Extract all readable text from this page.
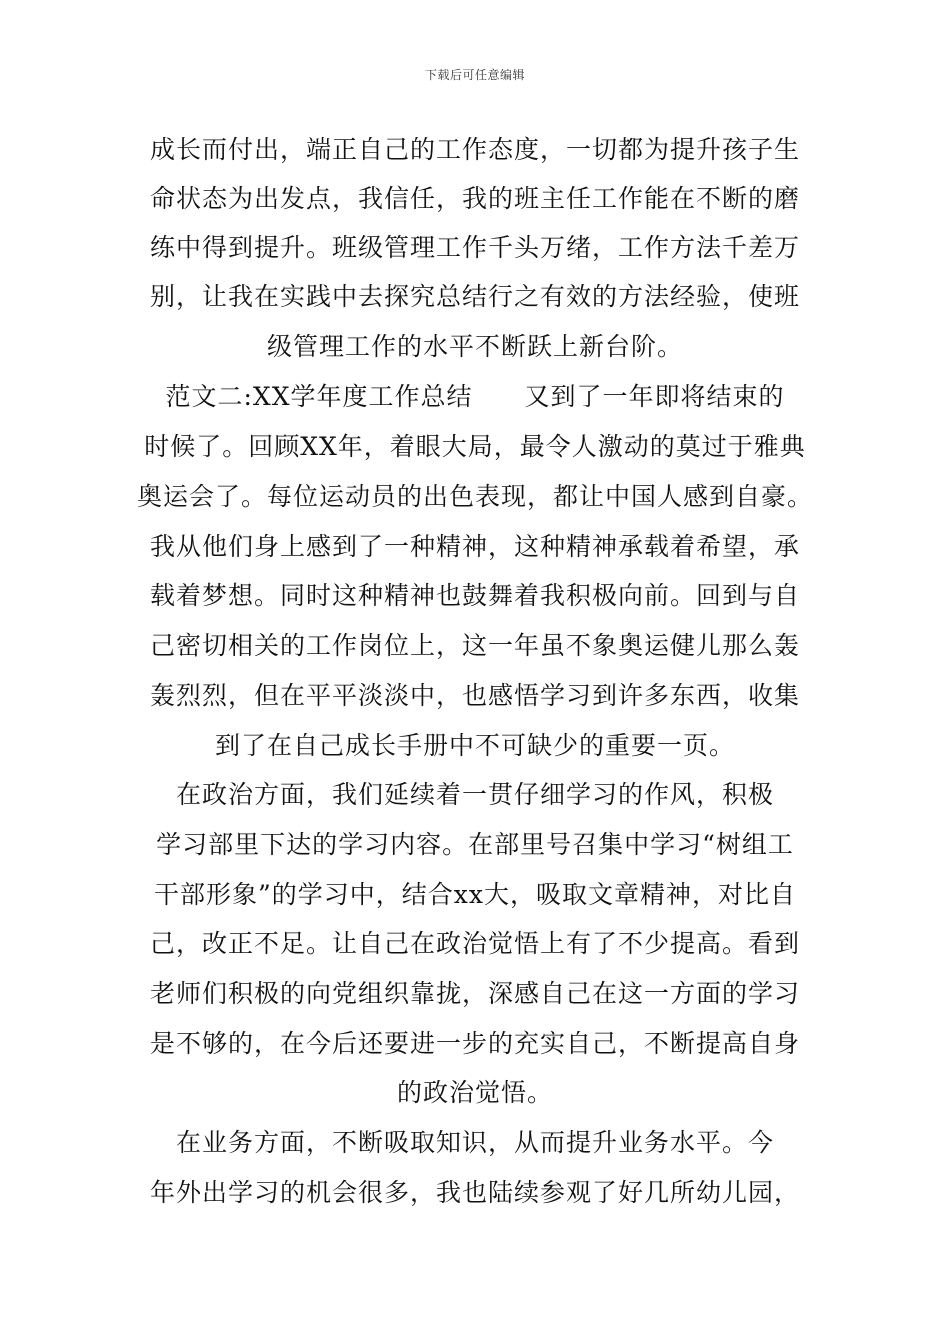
下载后可任意编辑
成长而付出，端正自己的工作态度，一切都为提升孩子生
命状态为出发点，我信任，我的班主任工作能在不断的磨
练中得到提升。班级管理工作千头万绪，工作方法千差万
别，让我在实践中去探究总结行之有效的方法经验，使班
级管理工作的水平不断跃上新台阶。
范文二:XX学年度工作总结　　又到了一年即将结束的
时候了。回顾XX年，着眼大局，最令人激动的莫过于雅典
奥运会了。每位运动员的出色表现，都让中国人感到自豪。
我从他们身上感到了一种精神，这种精神承载着希望，承
载着梦想。同时这种精神也鼓舞着我积极向前。回到与自
己密切相关的工作岗位上，这一年虽不象奥运健儿那么轰
轰烈烈，但在平平淡淡中，也感悟学习到许多东西，收集
到了在自己成长手册中不可缺少的重要一页。
在政治方面，我们延续着一贯仔细学习的作风，积极
学习部里下达的学习内容。在部里号召集中学习“树组工
干部形象”的学习中，结合xx大，吸取文章精神，对比自
己，改正不足。让自己在政治觉悟上有了不少提高。看到
老师们积极的向党组织靠拢，深感自己在这一方面的学习
是不够的，在今后还要进一步的充实自己，不断提高自身
的政治觉悟。
在业务方面，不断吸取知识，从而提升业务水平。今
年外出学习的机会很多，我也陆续参观了好几所幼儿园，
